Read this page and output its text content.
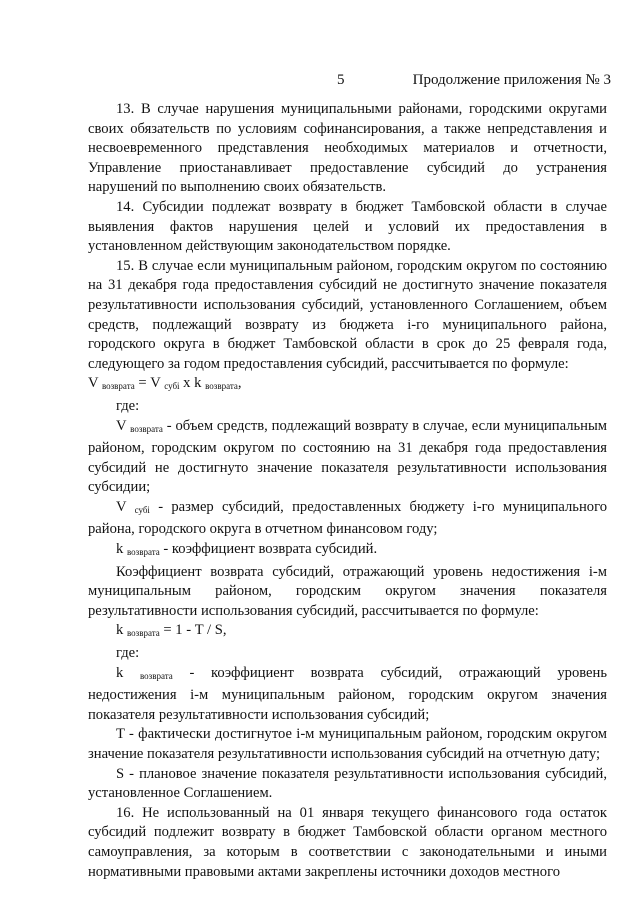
5	Продолжение приложения № 3

13. В случае нарушения муниципальными районами, городскими округами своих обязательств по условиям софинансирования, а также непредставления и несвоевременного представления необходимых материалов и отчетности, Управление приостанавливает предоставление субсидий до устранения нарушений по выполнению своих обязательств.

14. Субсидии подлежат возврату в бюджет Тамбовской области в случае выявления фактов нарушения целей и условий их предоставления в установленном действующим законодательством порядке.

15. В случае если муниципальным районом, городским округом по состоянию на 31 декабря года предоставления субсидий не достигнуто значение показателя результативности использования субсидий, установленного Соглашением, объем средств, подлежащий возврату из бюджета i-го муниципального района, городского округа в бюджет Тамбовской области в срок до 25 февраля года, следующего за годом предоставления субсидий, рассчитывается по формуле:

V $_{возврата}$ = V $_{субi}$ x k $_{возврата}$,

где:

V $_{возврата}$ - объем средств, подлежащий возврату в случае, если муниципальным районом, городским округом по состоянию на 31 декабря года предоставления субсидий не достигнуто значение показателя результативности использования субсидии;

V $_{субi}$ - размер субсидий, предоставленных бюджету i-го муниципального района, городского округа в отчетном финансовом году;

k $_{возврата}$ - коэффициент возврата субсидий.

Коэффициент возврата субсидий, отражающий уровень недостижения i-м муниципальным районом, городским округом значения показателя результативности использования субсидий, рассчитывается по формуле:

k $_{возврата}$ = 1 - T / S,

где:

k $_{возврата}$ - коэффициент возврата субсидий, отражающий уровень недостижения i-м муниципальным районом, городским округом значения показателя результативности использования субсидий;

T - фактически достигнутое i-м муниципальным районом, городским округом значение показателя результативности использования субсидий на отчетную дату;

S - плановое значение показателя результативности использования субсидий, установленное Соглашением.

16. Не использованный на 01 января текущего финансового года остаток субсидий подлежит возврату в бюджет Тамбовской области органом местного самоуправления, за которым в соответствии с законодательными и иными нормативными правовыми актами закреплены источники доходов местного
